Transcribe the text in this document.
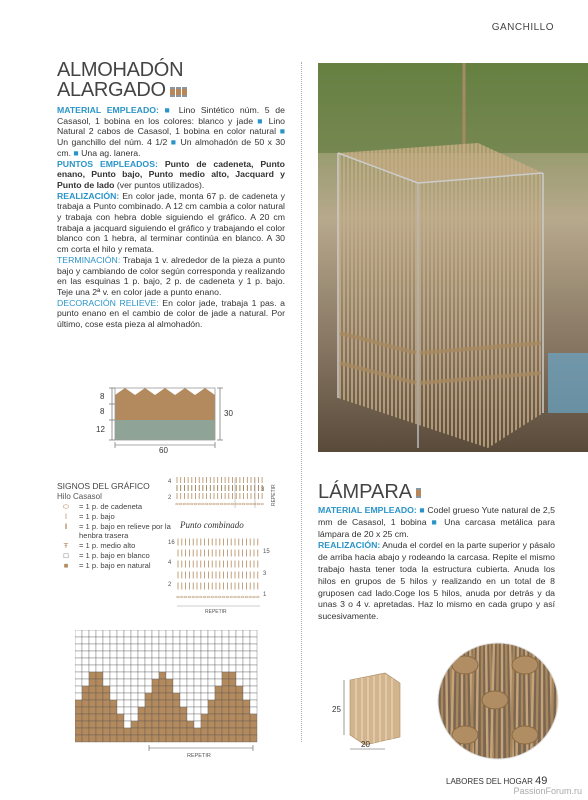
GANCHILLO
ALMOHADÓN
ALARGADO

MATERIAL EMPLEADO: ■ Lino Sintético núm. 5 de Casasol, 1 bobina en los colores: blanco y jade ■ Lino Natural 2 cabos de Casasol, 1 bobina en color natural ■ Un ganchillo del núm. 4 1/2 ■ Un almohadón de 50 x 30 cm. ■ Una ag. lanera.

PUNTOS EMPLEADOS: Punto de cadeneta, Punto enano, Punto bajo, Punto medio alto, Jacquard y Punto de lado (ver puntos utilizados).

REALIZACIÓN: En color jade, monta 67 p. de cadeneta y trabaja a Punto combinado. A 12 cm cambia a color natural y trabaja con hebra doble siguiendo el gráfico. A 20 cm trabaja a jacquard siguiendo el gráfico y trabajando el color blanco con 1 hebra, al terminar continúa en blanco. A 30 cm corta el hilo y remata.

TERMINACIÓN: Trabaja 1 v. alrededor de la pieza a punto bajo y cambiando de color según corresponda y realizando en las esquinas 1 p. bajo, 2 p. de cadeneta y 1 p. bajo. Teje una 2ª v. en color jade a punto enano.

DECORACIÓN RELIEVE: En color jade, trabaja 1 pas. a punto enano en el cambio de color de jade a natural. Por último, cose esta pieza al almohadón.

8
8
12
30
60
SIGNOS DEL GRÁFICO
Hilo Casasol
⬭	= 1 p. de cadeneta
ǀ	= 1 p. bajo
ǁ	= 1 p. bajo en relieve por la henbra trasera
Ŧ	= 1 p. medio alto
□	= 1 p. bajo en blanco
■	= 1 p. bajo en natural
4
3
2	REPETIR
Punto combinado
16
15
4
3
2
1
REPETIR
REPETIR
LÁMPARA

MATERIAL EMPLEADO: ■ Codel grueso Yute natural de 2,5 mm de Casasol, 1 bobina ■ Una carcasa metálica para lámpara de 20 x 25 cm.

REALIZACIÓN: Anuda el cordel en la parte superior y pásalo de arriba hacia abajo y rodeando la carcasa. Repite el mismo trabajo hasta tener toda la estructura cubierta. Anuda los hilos en grupos de 5 hilos y realizando en un total de 8 gruposen cad lado.Coge los 5 hilos, anuda por detrás y da unas 3 o 4 v. apretadas. Haz lo mismo en cada grupo y así sucesivamente.

25
20
LABORES DEL HOGAR 49
PassionForum.ru
